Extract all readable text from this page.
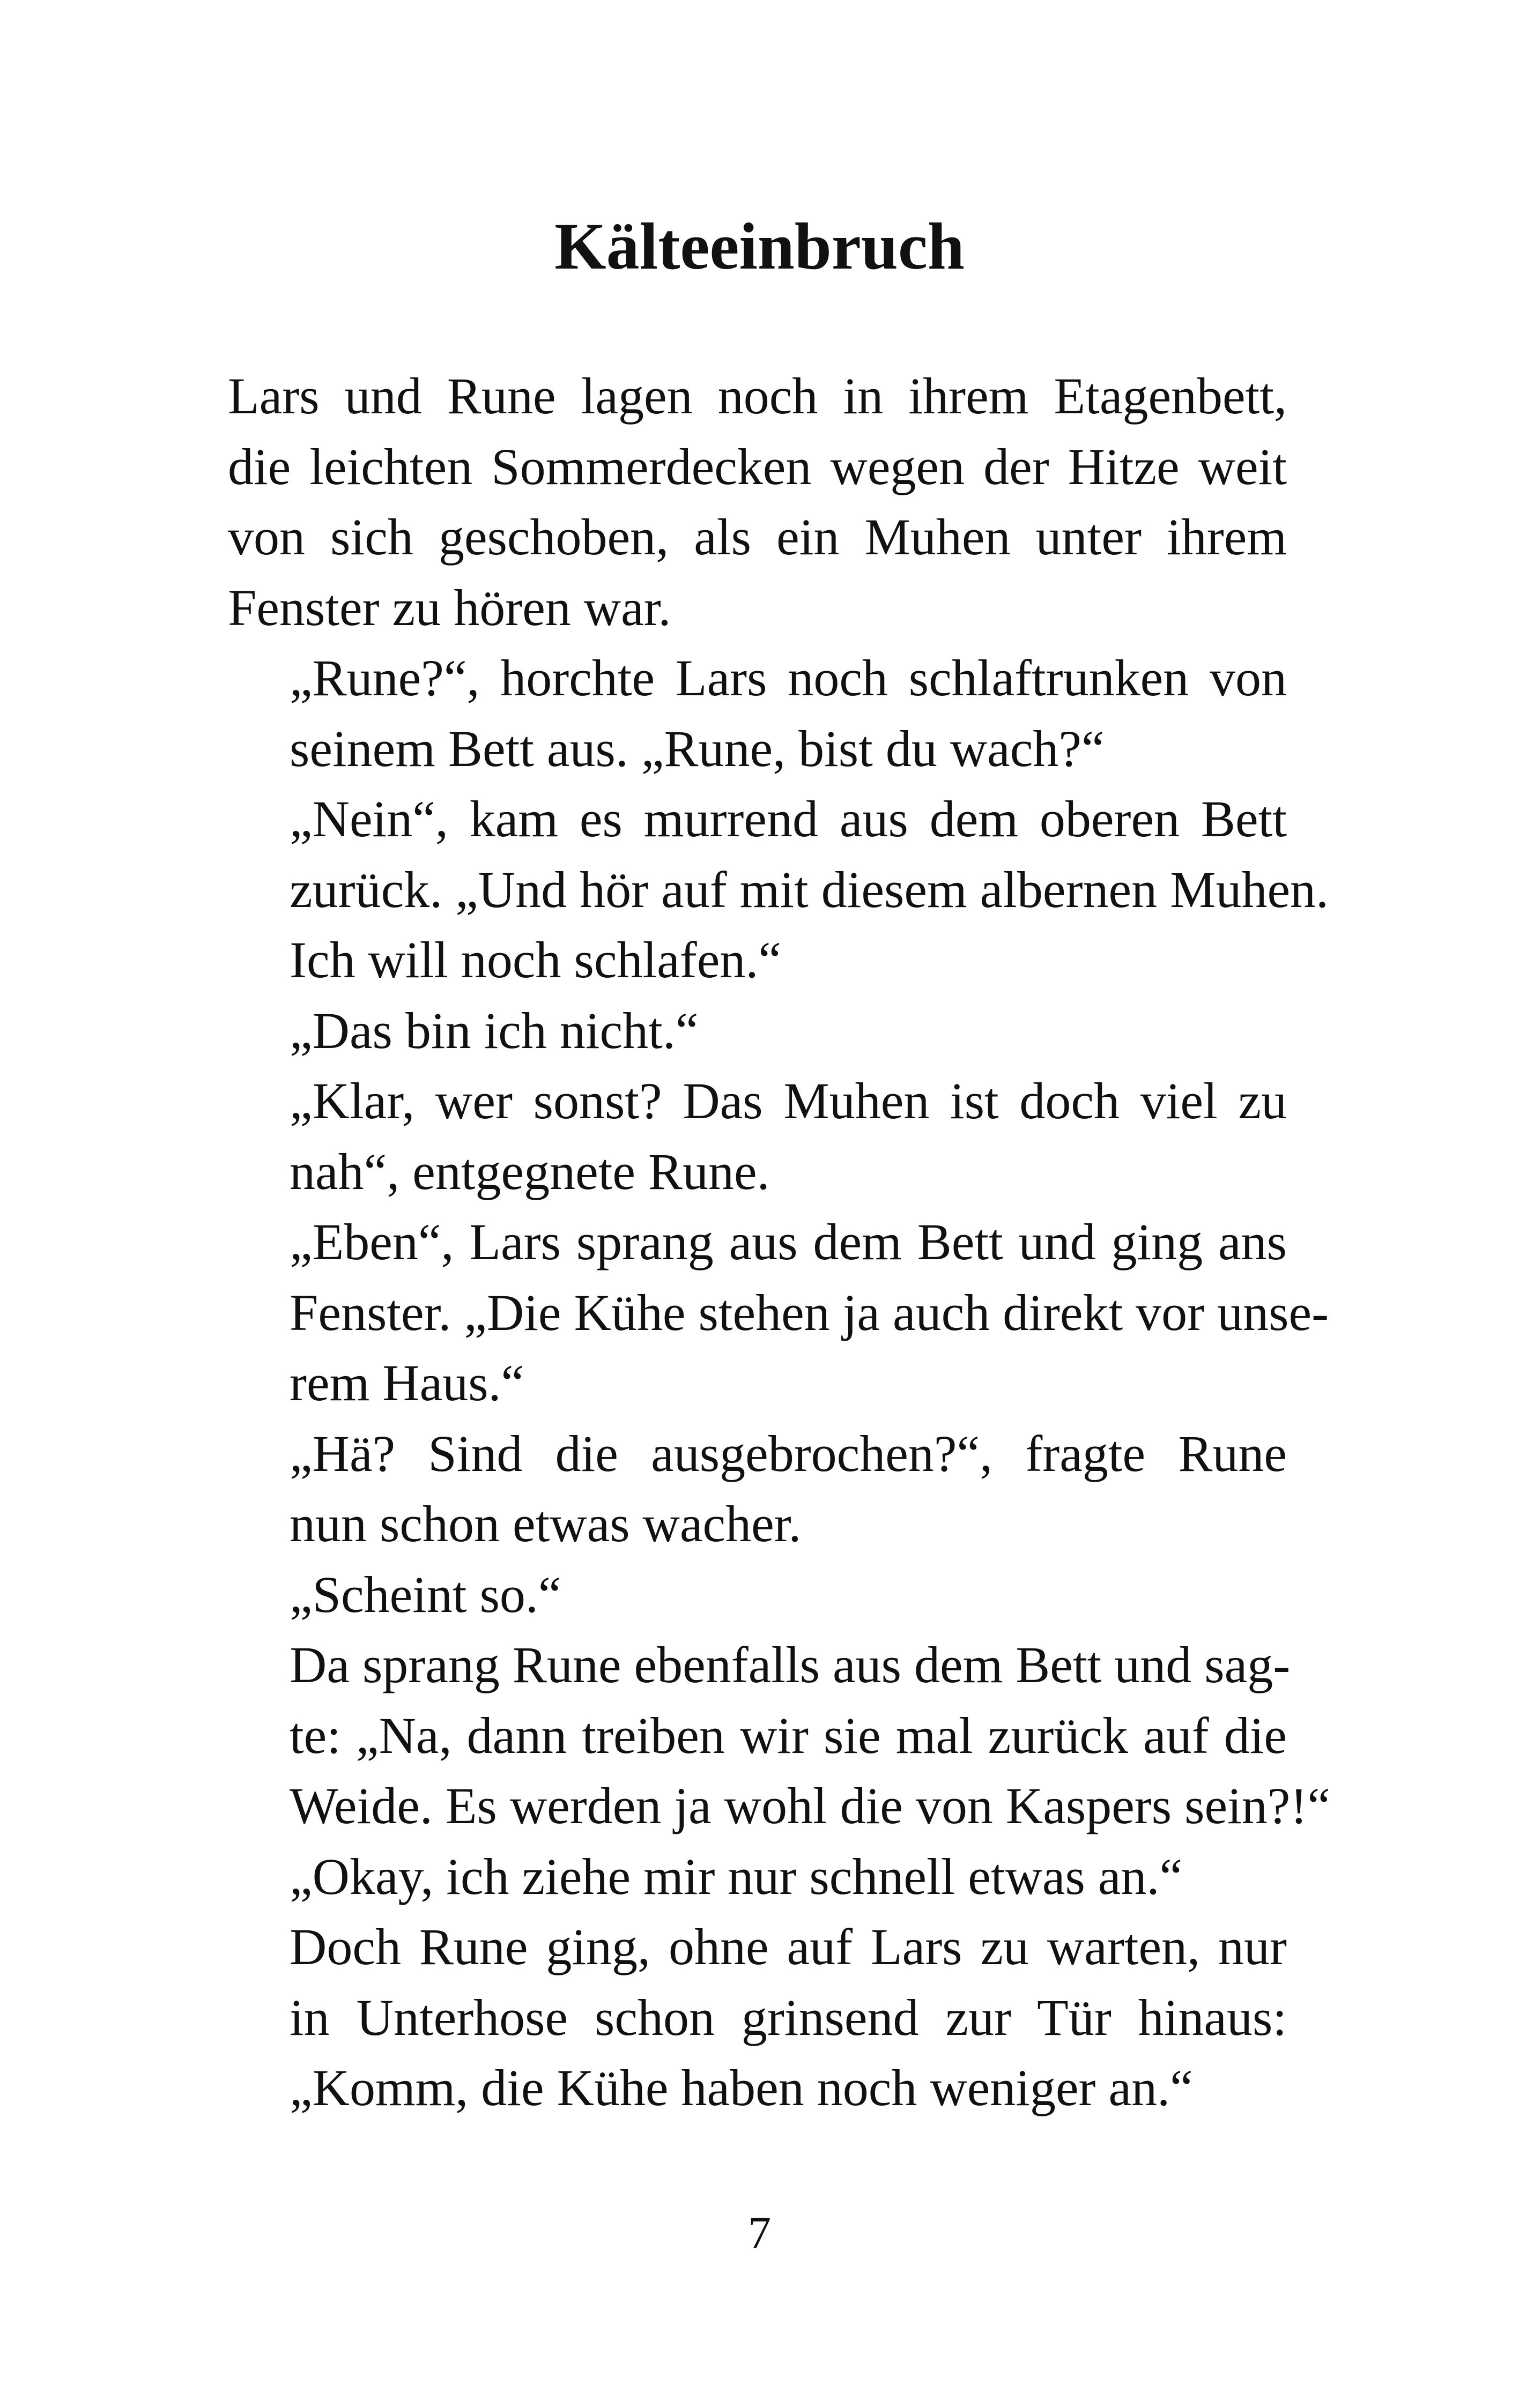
Kälteeinbruch

Lars und Rune lagen noch in ihrem Etagenbett,
die leichten Sommerdecken wegen der Hitze weit
von sich geschoben, als ein Muhen unter ihrem
Fenster zu hören war.

„Rune?“, horchte Lars noch schlaftrunken von
seinem Bett aus. „Rune, bist du wach?“

„Nein“, kam es murrend aus dem oberen Bett
zurück. „Und hör auf mit diesem albernen Muhen.
Ich will noch schlafen.“

„Das bin ich nicht.“

„Klar, wer sonst? Das Muhen ist doch viel zu
nah“, entgegnete Rune.

„Eben“, Lars sprang aus dem Bett und ging ans
Fenster. „Die Kühe stehen ja auch direkt vor unse-
rem Haus.“

„Hä? Sind die ausgebrochen?“, fragte Rune
nun schon etwas wacher.

„Scheint so.“

Da sprang Rune ebenfalls aus dem Bett und sag-
te: „Na, dann treiben wir sie mal zurück auf die
Weide. Es werden ja wohl die von Kaspers sein?!“

„Okay, ich ziehe mir nur schnell etwas an.“

Doch Rune ging, ohne auf Lars zu warten, nur
in Unterhose schon grinsend zur Tür hinaus:
„Komm, die Kühe haben noch weniger an.“

7
